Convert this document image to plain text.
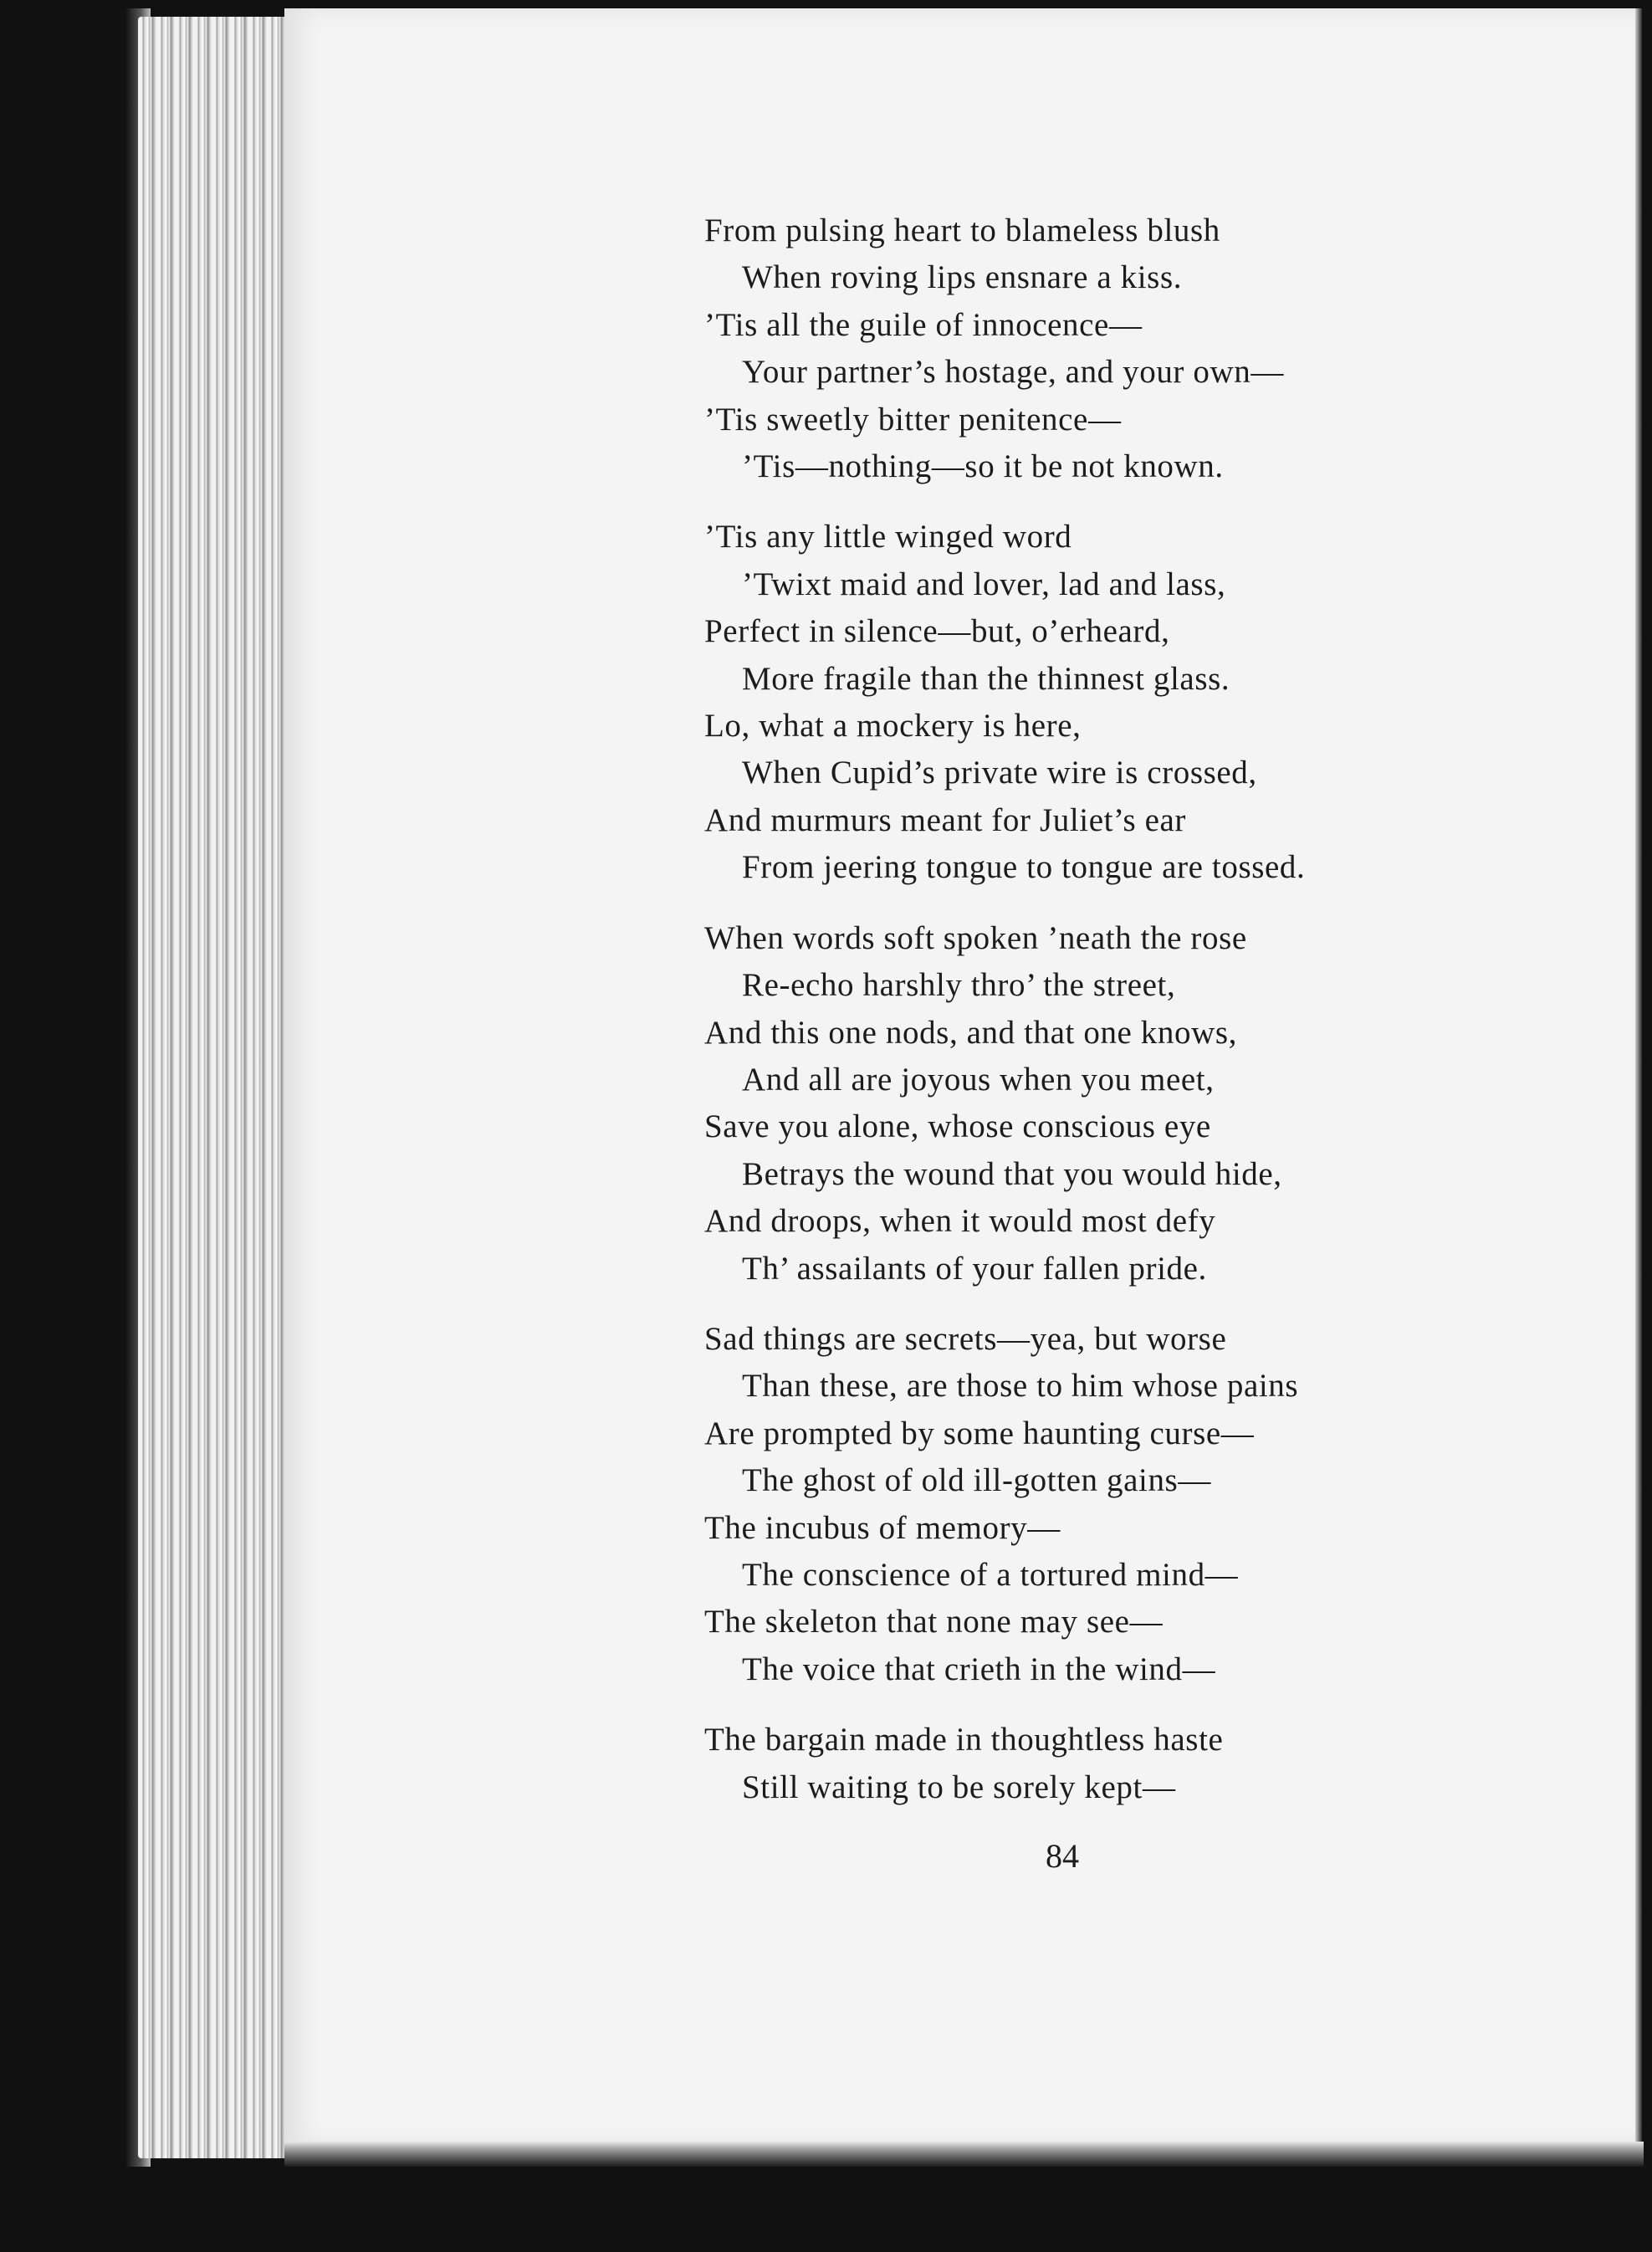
From pulsing heart to blameless blush
When roving lips ensnare a kiss.
’Tis all the guile of innocence—
Your partner’s hostage, and your own—
’Tis sweetly bitter penitence—
’Tis—nothing—so it be not known.
’Tis any little winged word
’Twixt maid and lover, lad and lass,
Perfect in silence—but, o’erheard,
More fragile than the thinnest glass.
Lo, what a mockery is here,
When Cupid’s private wire is crossed,
And murmurs meant for Juliet’s ear
From jeering tongue to tongue are tossed.
When words soft spoken ’neath the rose
Re-echo harshly thro’ the street,
And this one nods, and that one knows,
And all are joyous when you meet,
Save you alone, whose conscious eye
Betrays the wound that you would hide,
And droops, when it would most defy
Th’ assailants of your fallen pride.
Sad things are secrets—yea, but worse
Than these, are those to him whose pains
Are prompted by some haunting curse—
The ghost of old ill-gotten gains—
The incubus of memory—
The conscience of a tortured mind—
The skeleton that none may see—
The voice that crieth in the wind—
The bargain made in thoughtless haste
Still waiting to be sorely kept—
84
